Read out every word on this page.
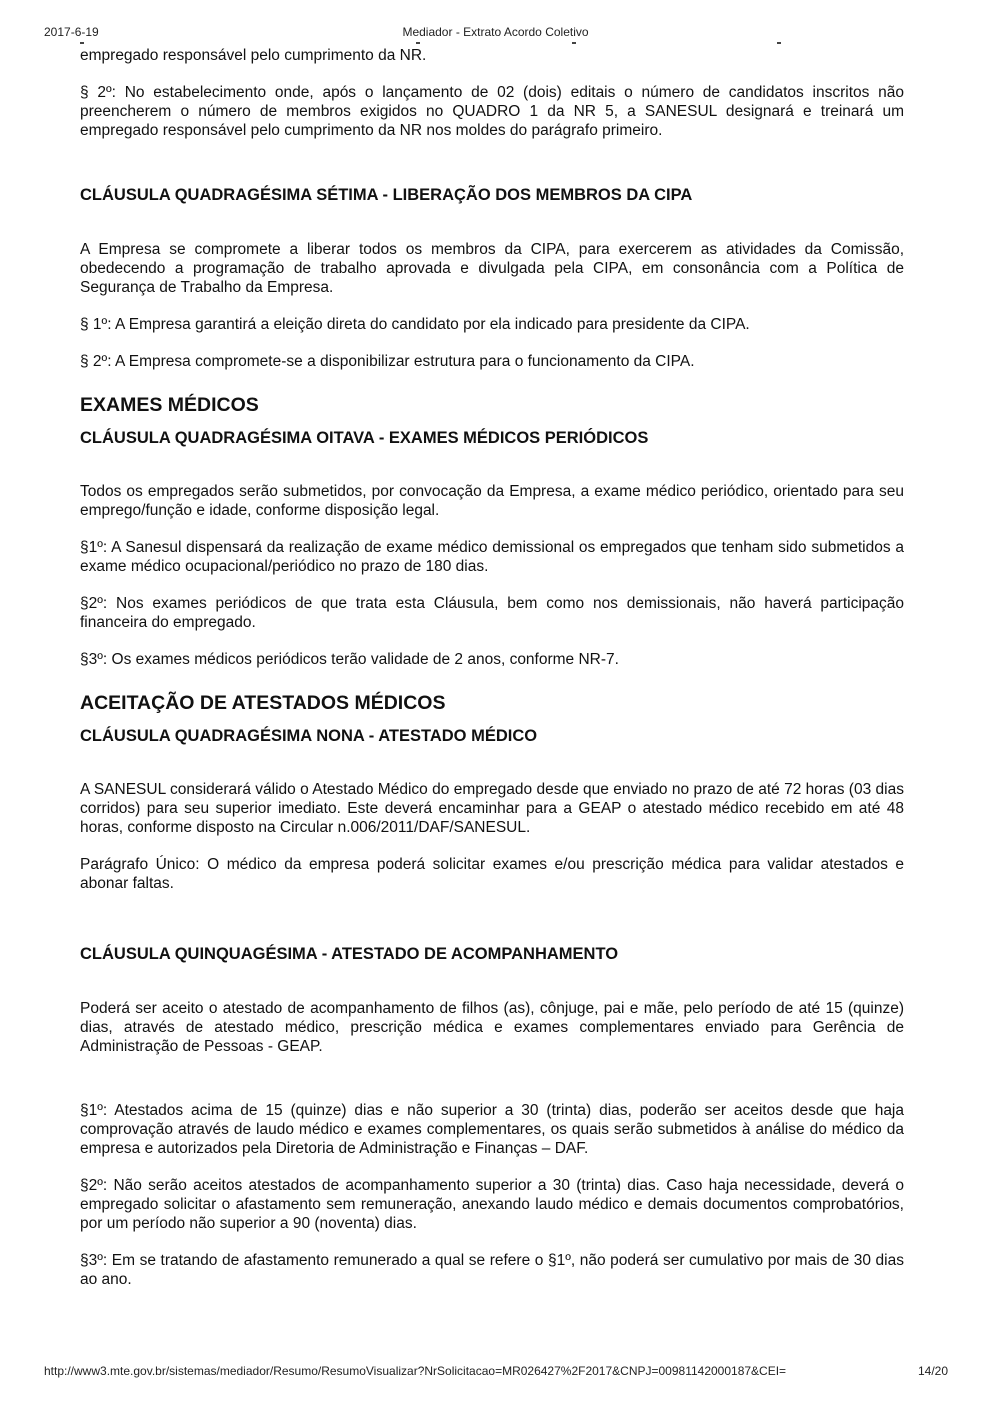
2017-6-19	Mediador - Extrato Acordo Coletivo

empregado responsável pelo cumprimento da NR.

§ 2º: No estabelecimento onde, após o lançamento de 02 (dois) editais o número de candidatos inscritos não preencherem o número de membros exigidos no QUADRO 1 da NR 5, a SANESUL designará e treinará um empregado responsável pelo cumprimento da NR nos moldes do parágrafo primeiro.

CLÁUSULA QUADRAGÉSIMA SÉTIMA - LIBERAÇÃO DOS MEMBROS DA CIPA

A Empresa se compromete a liberar todos os membros da CIPA, para exercerem as atividades da Comissão, obedecendo a programação de trabalho aprovada e divulgada pela CIPA, em consonância com a Política de Segurança de Trabalho da Empresa.

§ 1º: A Empresa garantirá a eleição direta do candidato por ela indicado para presidente da CIPA.

§ 2º: A Empresa compromete-se a disponibilizar estrutura para o funcionamento da CIPA.

EXAMES MÉDICOS

CLÁUSULA QUADRAGÉSIMA OITAVA - EXAMES MÉDICOS PERIÓDICOS

Todos os empregados serão submetidos, por convocação da Empresa, a exame médico periódico, orientado para seu emprego/função e idade, conforme disposição legal.

§1º: A Sanesul dispensará da realização de exame médico demissional os empregados que tenham sido submetidos a exame médico ocupacional/periódico no prazo de 180 dias.

§2º: Nos exames periódicos de que trata esta Cláusula, bem como nos demissionais, não haverá participação financeira do empregado.

§3º: Os exames médicos periódicos terão validade de 2 anos, conforme NR-7.

ACEITAÇÃO DE ATESTADOS MÉDICOS

CLÁUSULA QUADRAGÉSIMA NONA - ATESTADO MÉDICO

A SANESUL considerará válido o Atestado Médico do empregado desde que enviado no prazo de até 72 horas (03 dias corridos) para seu superior imediato. Este deverá encaminhar para a GEAP o atestado médico recebido em até 48 horas, conforme disposto na Circular n.006/2011/DAF/SANESUL.

Parágrafo Único: O médico da empresa poderá solicitar exames e/ou prescrição médica para validar atestados e abonar faltas.

CLÁUSULA QUINQUAGÉSIMA - ATESTADO DE ACOMPANHAMENTO

Poderá ser aceito o atestado de acompanhamento de filhos (as), cônjuge, pai e mãe, pelo período de até 15 (quinze) dias, através de atestado médico, prescrição médica e exames complementares enviado para Gerência de Administração de Pessoas - GEAP.

§1º: Atestados acima de 15 (quinze) dias e não superior a 30 (trinta) dias, poderão ser aceitos desde que haja comprovação através de laudo médico e exames complementares, os quais serão submetidos à análise do médico da empresa e autorizados pela Diretoria de Administração e Finanças – DAF.

§2º: Não serão aceitos atestados de acompanhamento superior a 30 (trinta) dias. Caso haja necessidade, deverá o empregado solicitar o afastamento sem remuneração, anexando laudo médico e demais documentos comprobatórios, por um período não superior a 90 (noventa) dias.

§3º: Em se tratando de afastamento remunerado a qual se refere o §1º, não poderá ser cumulativo por mais de 30 dias ao ano.

http://www3.mte.gov.br/sistemas/mediador/Resumo/ResumoVisualizar?NrSolicitacao=MR026427%2F2017&CNPJ=00981142000187&CEI=	14/20
